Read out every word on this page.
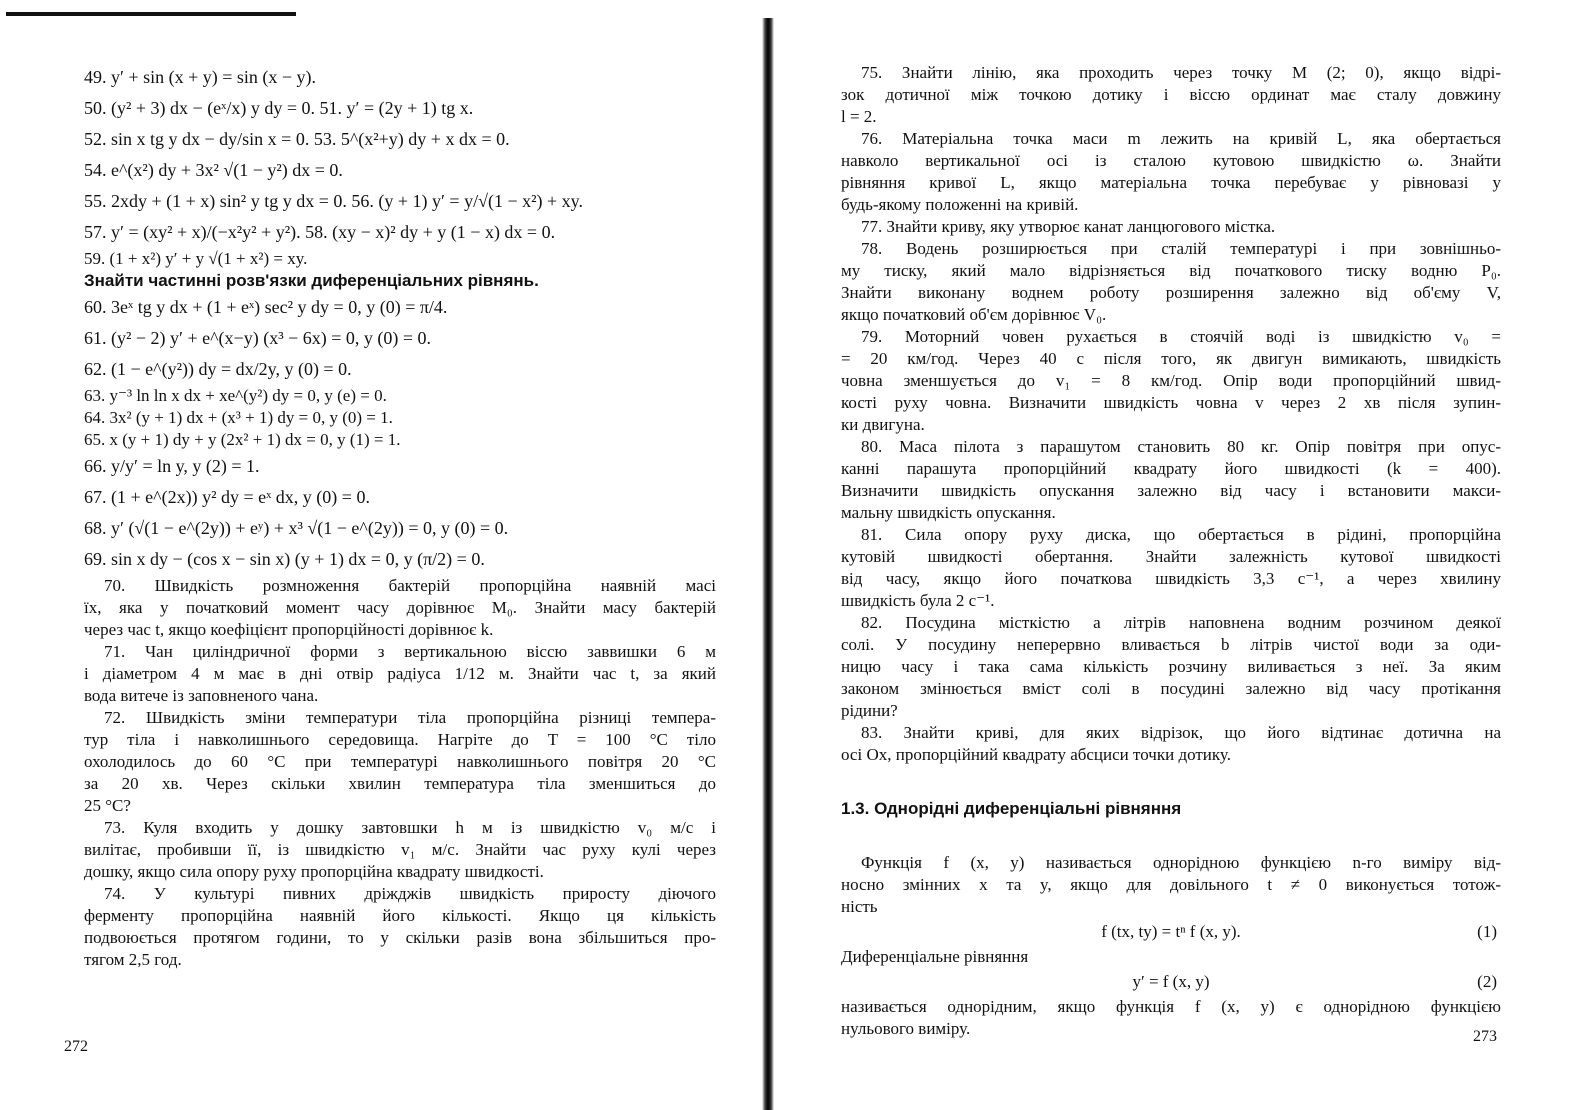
49. y′ + sin (x + y) = sin (x − y).
50. (y² + 3) dx − (eˣ/x) y dy = 0. 51. y′ = (2y + 1) tg x.
52. sin x tg y dx − dy/sin x = 0. 53. 5^(x²+y) dy + x dx = 0.
54. e^(x²) dy + 3x² √(1 − y²) dx = 0.
55. 2xdy + (1 + x) sin² y tg y dx = 0. 56. (y + 1) y′ = y/√(1 − x²) + xy.
57. y′ = (xy² + x)/(−x²y² + y²). 58. (xy − x)² dy + y (1 − x) dx = 0.
59. (1 + x²) y′ + y √(1 + x²) = xy.
Знайти частинні розв'язки диференціальних рівнянь.
60. 3eˣ tg y dx + (1 + eˣ) sec² y dy = 0, y (0) = π/4.
61. (y² − 2) y′ + e^(x−y) (x³ − 6x) = 0, y (0) = 0.
62. (1 − e^(y²)) dy = dx/2y, y (0) = 0.
63. y⁻³ ln ln x dx + xe^(y²) dy = 0, y (e) = 0.
64. 3x² (y + 1) dx + (x³ + 1) dy = 0, y (0) = 1.
65. x (y + 1) dy + y (2x² + 1) dx = 0, y (1) = 1.
66. y/y′ = ln y, y (2) = 1.
67. (1 + e^(2x)) y² dy = eˣ dx, y (0) = 0.
68. y′ (√(1 − e^(2y)) + eʸ) + x³ √(1 − e^(2y)) = 0, y (0) = 0.
69. sin x dy − (cos x − sin x) (y + 1) dx = 0, y (π/2) = 0.
70. Швидкість розмноження бактерій пропорційна наявній масі
їх, яка у початковий момент часу дорівнює M₀. Знайти масу бактерій
через час t, якщо коефіцієнт пропорційності дорівнює k.
71. Чан циліндричної форми з вертикальною віссю заввишки 6 м
і діаметром 4 м має в дні отвір радіуса 1/12 м. Знайти час t, за який
вода витече із заповненого чана.
72. Швидкість зміни температури тіла пропорційна різниці темпера-
тур тіла і навколишнього середовища. Нагріте до T = 100 °C тіло
охолодилось до 60 °C при температурі навколишнього повітря 20 °C
за 20 хв. Через скільки хвилин температура тіла зменшиться до
25 °C?
73. Куля входить у дошку завтовшки h м із швидкістю v₀ м/с і
вилітає, пробивши її, із швидкістю v₁ м/с. Знайти час руху кулі через
дошку, якщо сила опору руху пропорційна квадрату швидкості.
74. У культурі пивних дріжджів швидкість приросту діючого
ферменту пропорційна наявній його кількості. Якщо ця кількість
подвоюється протягом години, то у скільки разів вона збільшиться про-
тягом 2,5 год.
272
75. Знайти лінію, яка проходить через точку M (2; 0), якщо відрі-
зок дотичної між точкою дотику і віссю ординат має сталу довжину
l = 2.
76. Матеріальна точка маси m лежить на кривій L, яка обертається
навколо вертикальної осі із сталою кутовою швидкістю ω. Знайти
рівняння кривої L, якщо матеріальна точка перебуває у рівновазі у
будь-якому положенні на кривій.
77. Знайти криву, яку утворює канат ланцюгового містка.
78. Водень розширюється при сталій температурі і при зовнішньо-
му тиску, який мало відрізняється від початкового тиску водню P₀.
Знайти виконану воднем роботу розширення залежно від об'єму V,
якщо початковий об'єм дорівнює V₀.
79. Моторний човен рухається в стоячій воді із швидкістю v₀ =
= 20 км/год. Через 40 с після того, як двигун вимикають, швидкість
човна зменшується до v₁ = 8 км/год. Опір води пропорційний швид-
кості руху човна. Визначити швидкість човна v через 2 хв після зупин-
ки двигуна.
80. Маса пілота з парашутом становить 80 кг. Опір повітря при опус-
канні парашута пропорційний квадрату його швидкості (k = 400).
Визначити швидкість опускання залежно від часу і встановити макси-
мальну швидкість опускання.
81. Сила опору руху диска, що обертається в рідині, пропорційна
кутовій швидкості обертання. Знайти залежність кутової швидкості
від часу, якщо його початкова швидкість 3,3 с⁻¹, а через хвилину
швидкість була 2 с⁻¹.
82. Посудина місткістю a літрів наповнена водним розчином деякої
солі. У посудину неперервно вливається b літрів чистої води за оди-
ницю часу і така сама кількість розчину виливається з неї. За яким
законом змінюється вміст солі в посудині залежно від часу протікання
рідини?
83. Знайти криві, для яких відрізок, що його відтинає дотична на
осі Ox, пропорційний квадрату абсциси точки дотику.
1.3. Однорідні диференціальні рівняння
Функція f (x, y) називається однорідною функцією n-го виміру від-
носно змінних x та y, якщо для довільного t ≠ 0 виконується тотож-
ність
f (tx, ty) = tⁿ f (x, y).	(1)
Диференціальне рівняння
y′ = f (x, y)	(2)
називається однорідним, якщо функція f (x, y) є однорідною функцією
нульового виміру.	273
